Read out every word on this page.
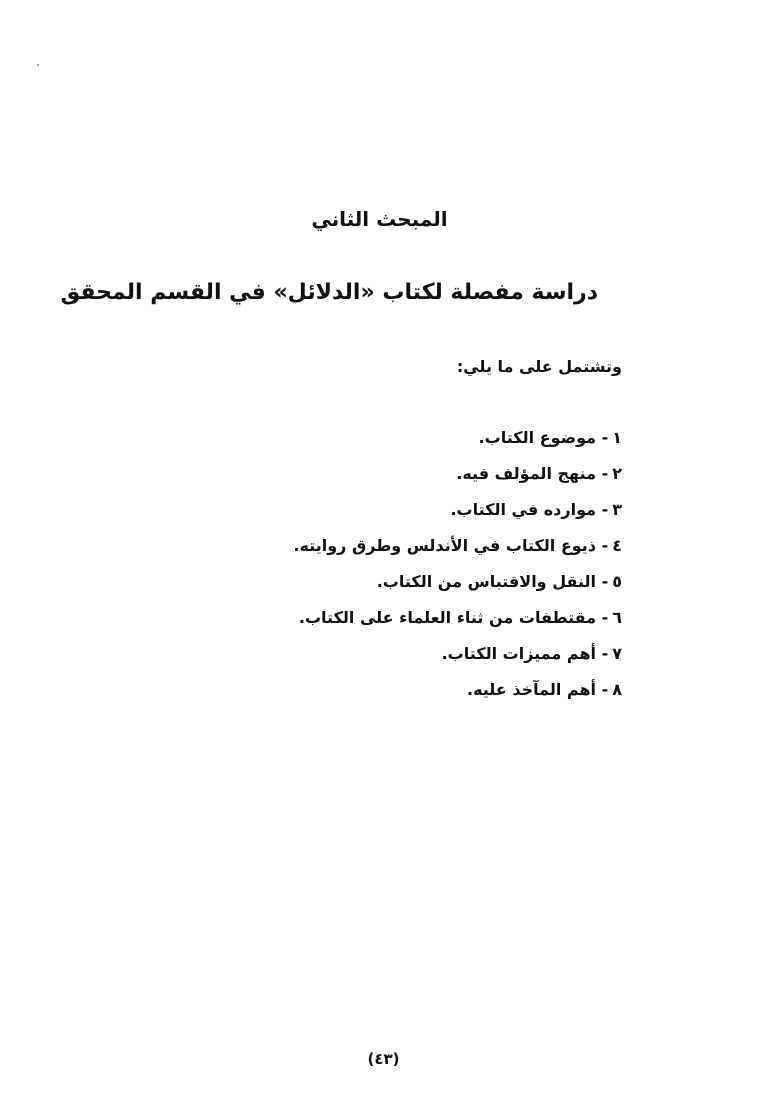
المبحث الثاني
دراسة مفصلة لكتاب «الدلائل» في القسم المحقق

وتشتمل على ما يلي:

١- موضوع الكتاب.
٢- منهج المؤلف فيه.
٣- موارده في الكتاب.
٤- ذيوع الكتاب في الأندلس وطرق روايته.
٥- النقل والاقتباس من الكتاب.
٦- مقتطفات من ثناء العلماء على الكتاب.
٧- أهم مميزات الكتاب.
٨- أهم المآخذ عليه.

(٤٣)
